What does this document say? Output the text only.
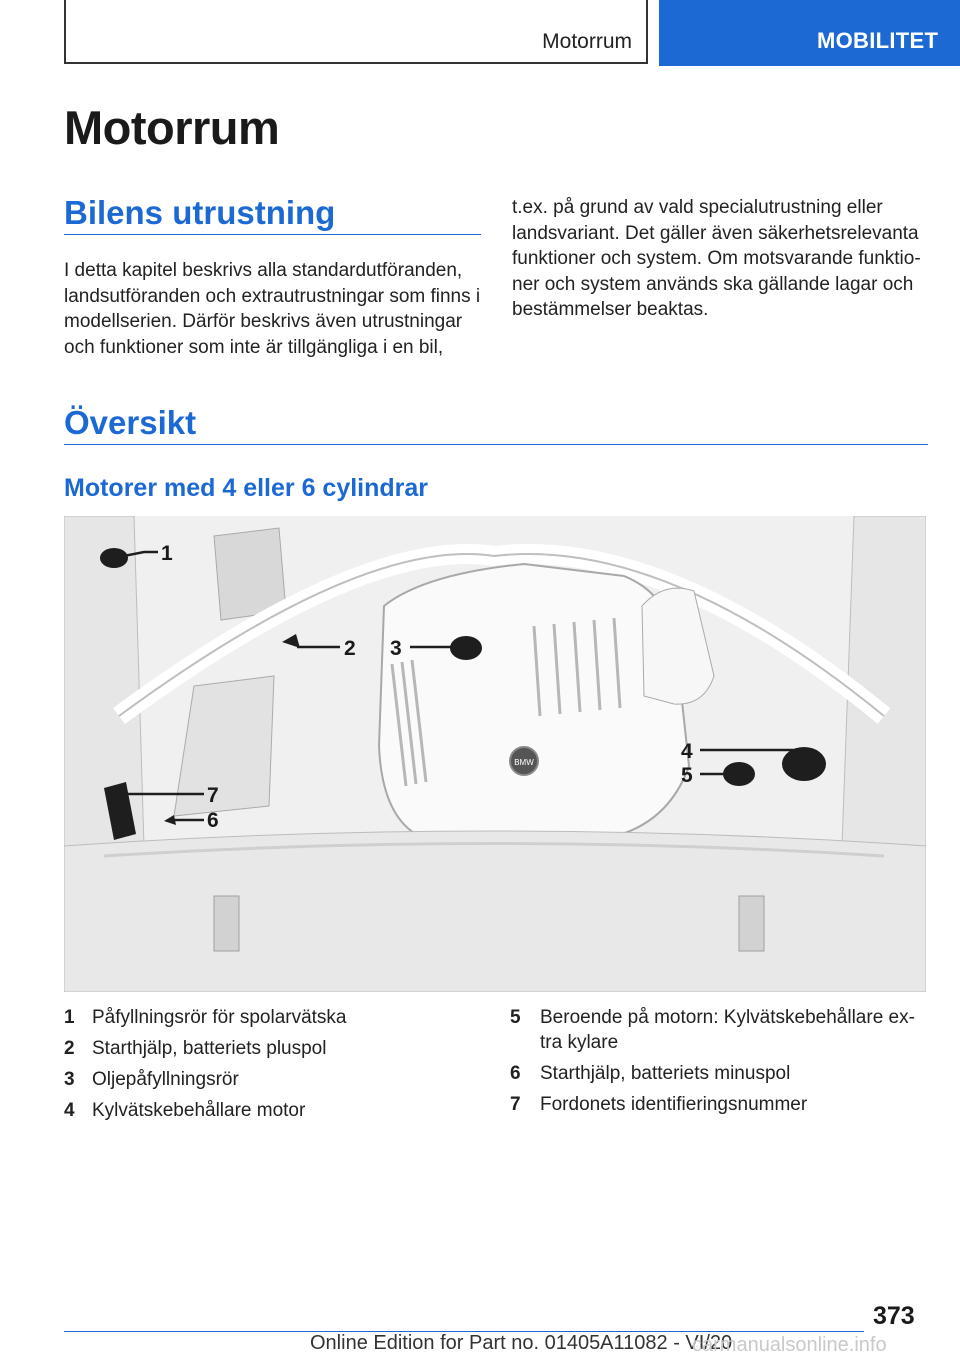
Motorrum	MOBILITET
Motorrum
Bilens utrustning

I detta kapitel beskrivs alla standardutföranden, landsutföranden och extrautrustningar som finns i modellserien. Därför beskrivs även utrustningar och funktioner som inte är tillgängliga i en bil,

t.ex. på grund av vald specialutrustning eller landsvariant. Det gäller även säkerhetsrelevanta funktioner och system. Om motsvarande funktio-ner och system används ska gällande lagar och bestämmelser beaktas.

Översikt
Motorer med 4 eller 6 cylindrar
BMW
1
2 3
4
5
6
7
1 Påfyllningsrör för spolarvätska
2 Starthjälp, batteriets pluspol
3 Oljepåfyllningsrör
4 Kylvätskebehållare motor
5 Beroende på motorn: Kylvätskebehållare ex-tra kylare
6 Starthjälp, batteriets minuspol
7 Fordonets identifieringsnummer
373
Online Edition for Part no. 01405A11082 - VI/20
carmanualsonline.info
